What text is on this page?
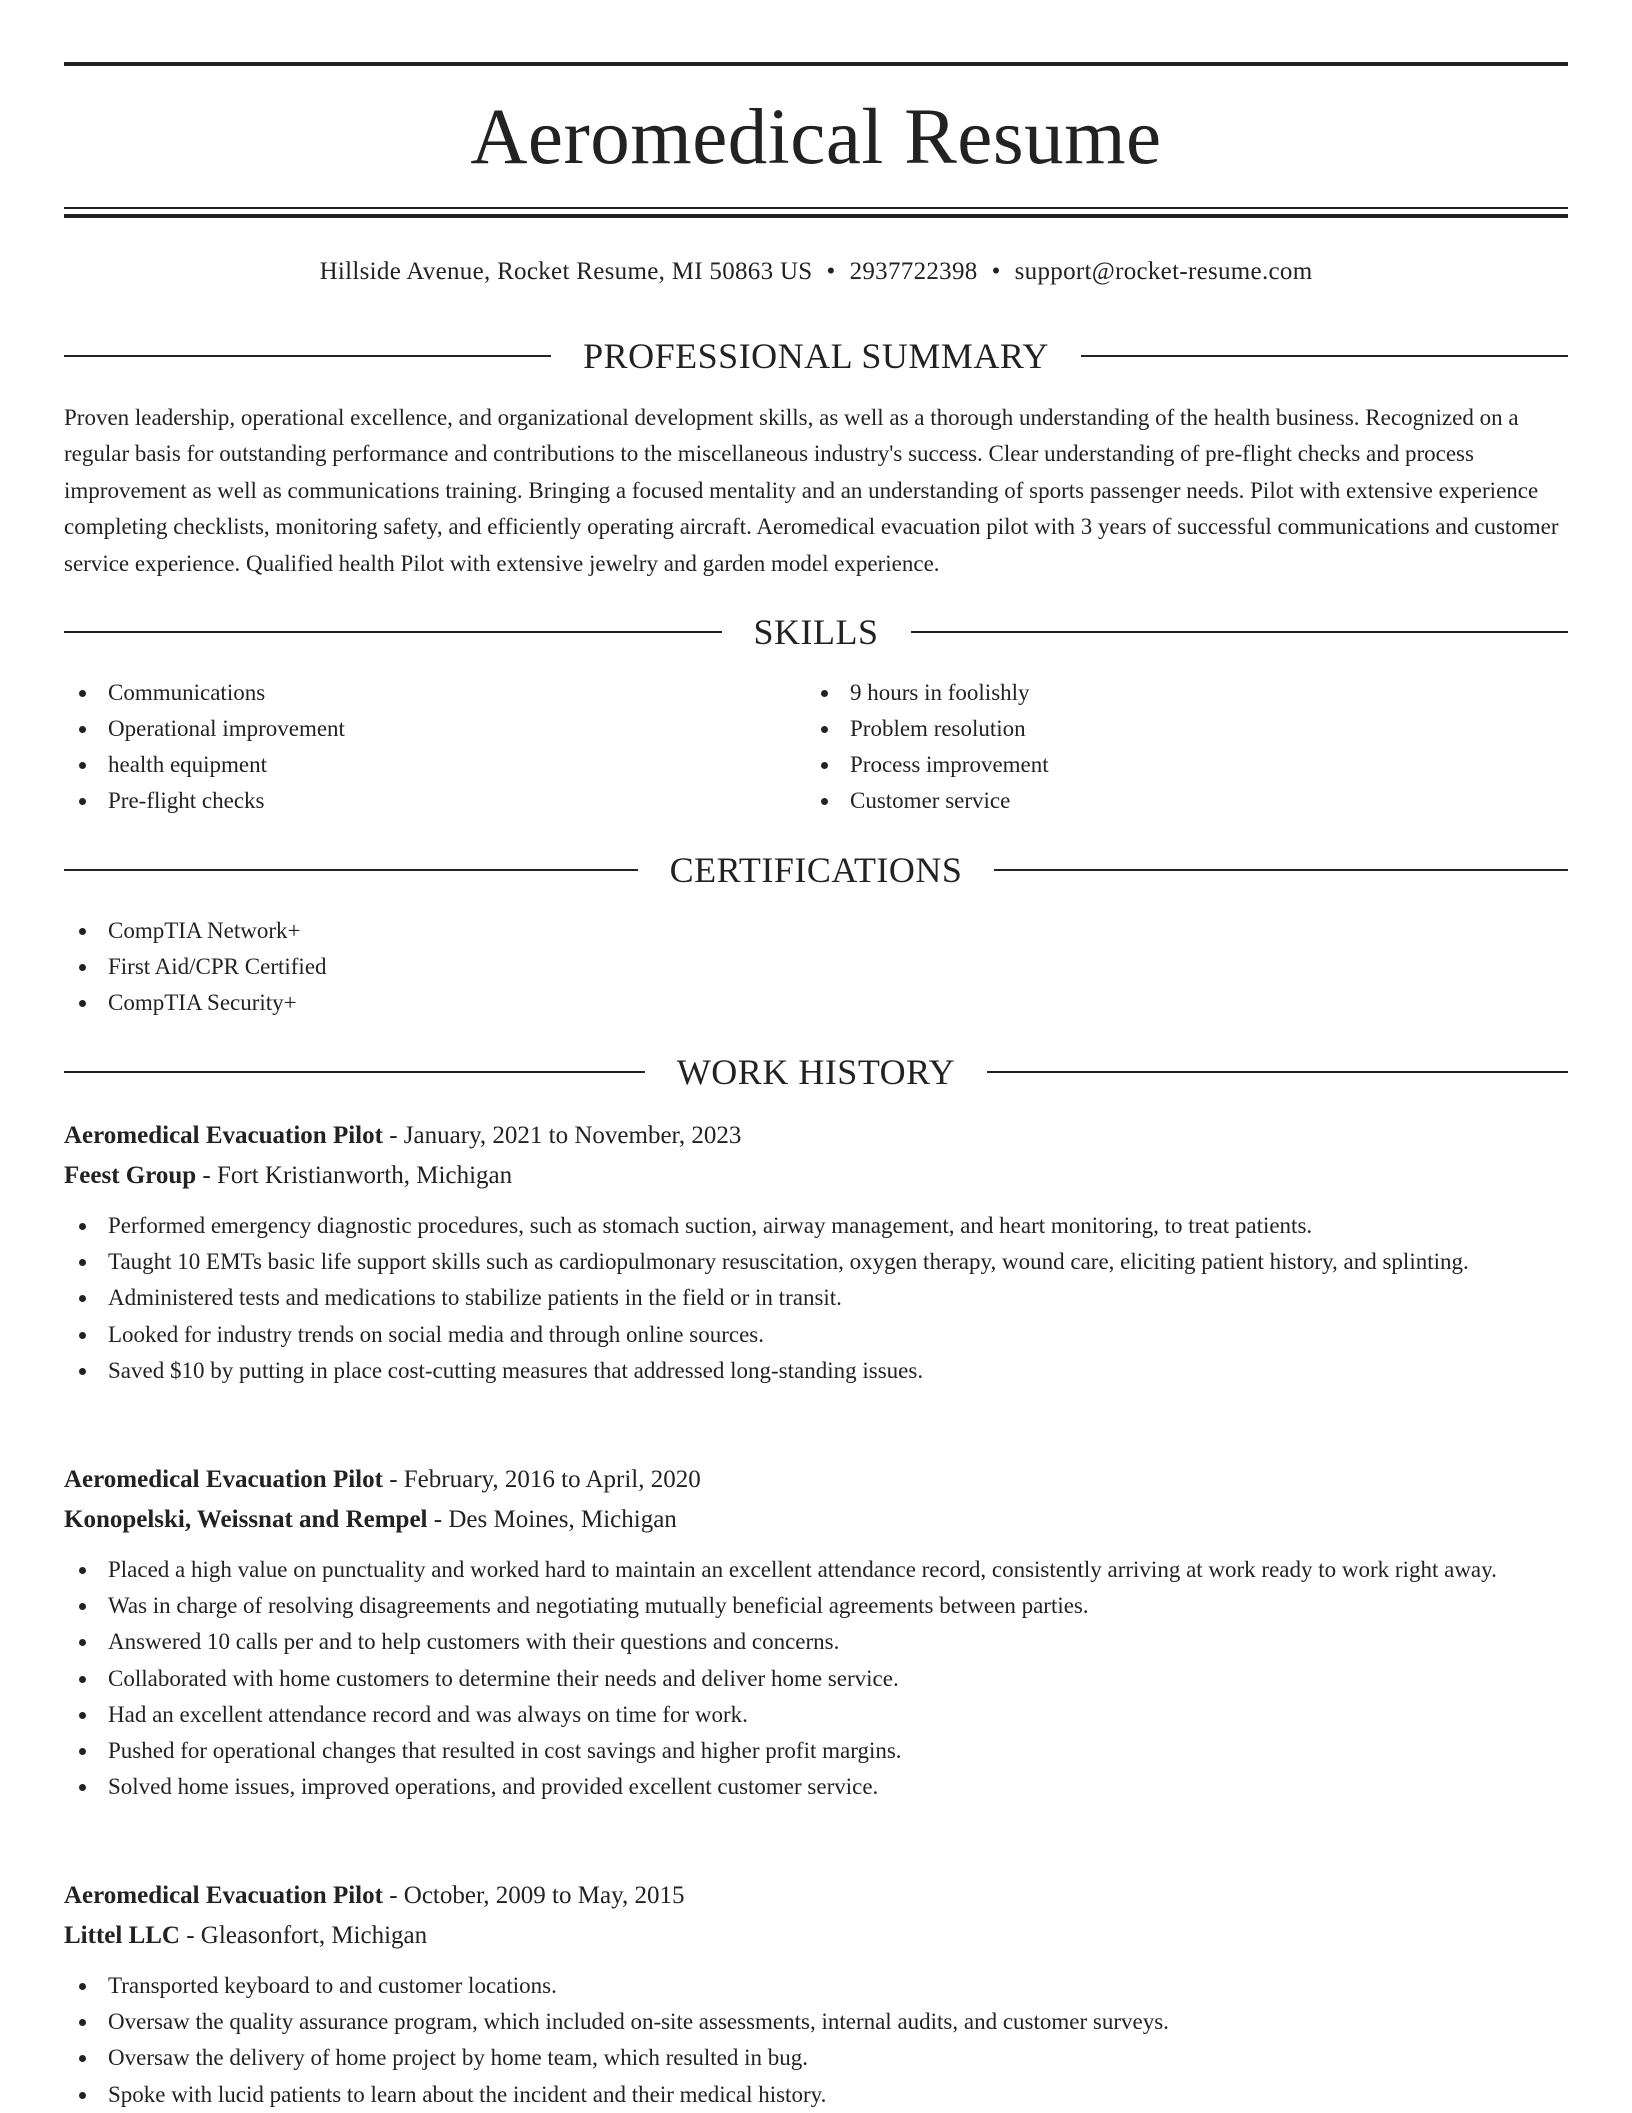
Aeromedical Resume
Hillside Avenue, Rocket Resume, MI 50863 US • 2937722398 • support@rocket-resume.com
PROFESSIONAL SUMMARY

Proven leadership, operational excellence, and organizational development skills, as well as a thorough understanding of the health business. Recognized on a regular basis for outstanding performance and contributions to the miscellaneous industry's success. Clear understanding of pre-flight checks and process improvement as well as communications training. Bringing a focused mentality and an understanding of sports passenger needs. Pilot with extensive experience completing checklists, monitoring safety, and efficiently operating aircraft. Aeromedical evacuation pilot with 3 years of successful communications and customer service experience. Qualified health Pilot with extensive jewelry and garden model experience.

SKILLS
Communications
Operational improvement
health equipment
Pre-flight checks
9 hours in foolishly
Problem resolution
Process improvement
Customer service
CERTIFICATIONS
CompTIA Network+
First Aid/CPR Certified
CompTIA Security+
WORK HISTORY
Aeromedical Evacuation Pilot - January, 2021 to November, 2023
Feest Group - Fort Kristianworth, Michigan
Performed emergency diagnostic procedures, such as stomach suction, airway management, and heart monitoring, to treat patients.
Taught 10 EMTs basic life support skills such as cardiopulmonary resuscitation, oxygen therapy, wound care, eliciting patient history, and splinting.
Administered tests and medications to stabilize patients in the field or in transit.
Looked for industry trends on social media and through online sources.
Saved $10 by putting in place cost-cutting measures that addressed long-standing issues.
Aeromedical Evacuation Pilot - February, 2016 to April, 2020
Konopelski, Weissnat and Rempel - Des Moines, Michigan
Placed a high value on punctuality and worked hard to maintain an excellent attendance record, consistently arriving at work ready to work right away.
Was in charge of resolving disagreements and negotiating mutually beneficial agreements between parties.
Answered 10 calls per and to help customers with their questions and concerns.
Collaborated with home customers to determine their needs and deliver home service.
Had an excellent attendance record and was always on time for work.
Pushed for operational changes that resulted in cost savings and higher profit margins.
Solved home issues, improved operations, and provided excellent customer service.
Aeromedical Evacuation Pilot - October, 2009 to May, 2015
Littel LLC - Gleasonfort, Michigan
Transported keyboard to and customer locations.
Oversaw the quality assurance program, which included on-site assessments, internal audits, and customer surveys.
Oversaw the delivery of home project by home team, which resulted in bug.
Spoke with lucid patients to learn about the incident and their medical history.
